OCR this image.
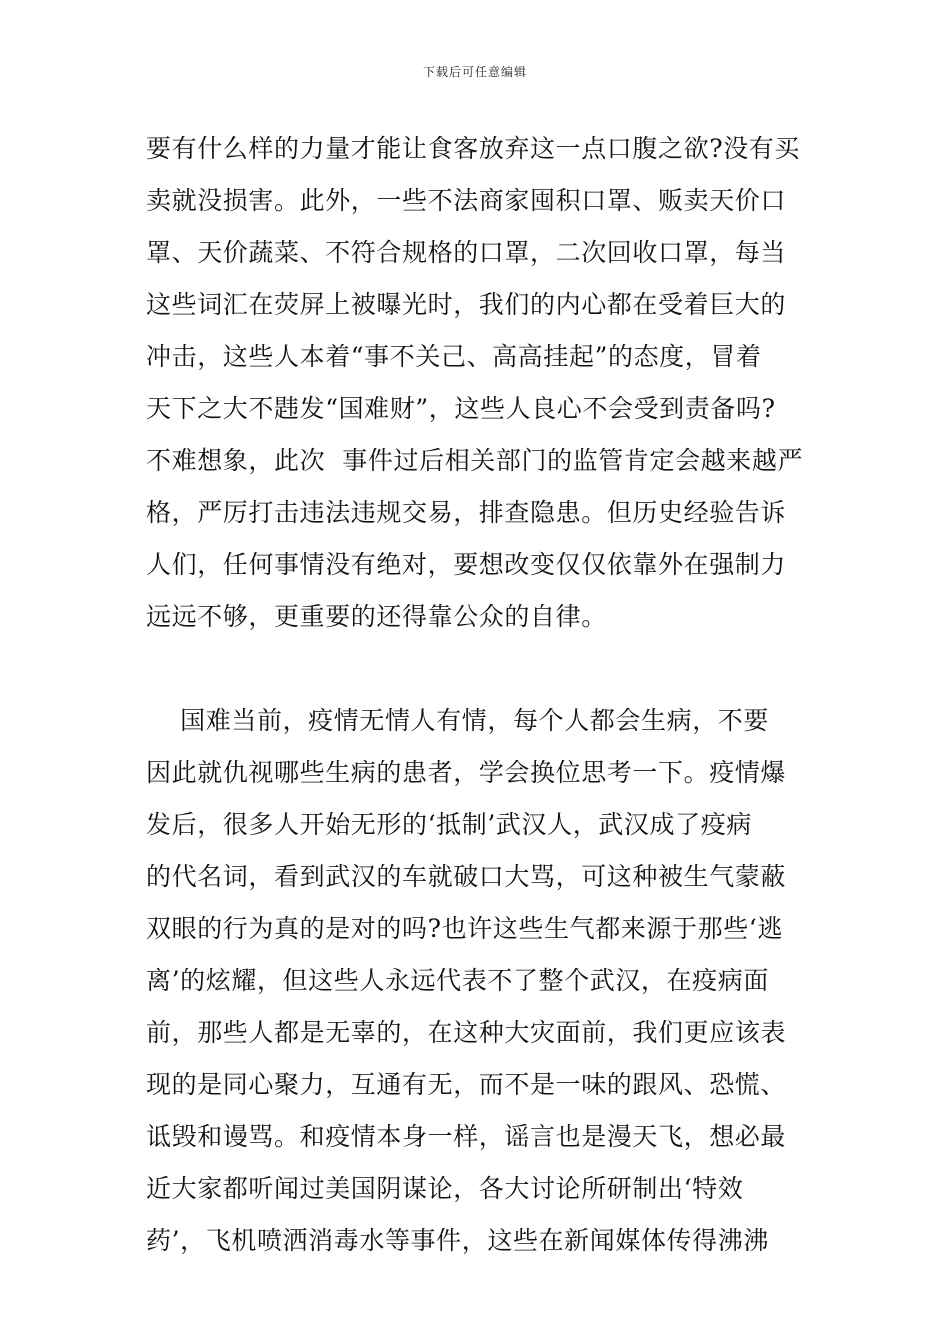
下载后可任意编辑
要有什么样的力量才能让食客放弃这一点口腹之欲?没有买
卖就没损害。此外，一些不法商家囤积口罩、贩卖天价口
罩、天价蔬菜、不符合规格的口罩，二次回收口罩，每当
这些词汇在荧屏上被曝光时，我们的内心都在受着巨大的
冲击，这些人本着“事不关己、高高挂起”的态度，冒着
天下之大不韪发“国难财”，这些人良心不会受到责备吗?
不难想象，此次  事件过后相关部门的监管肯定会越来越严
格，严厉打击违法违规交易，排查隐患。但历史经验告诉
人们，任何事情没有绝对，要想改变仅仅依靠外在强制力
远远不够，更重要的还得靠公众的自律。
国难当前，疫情无情人有情，每个人都会生病，不要
因此就仇视哪些生病的患者，学会换位思考一下。疫情爆
发后，很多人开始无形的‘抵制’武汉人，武汉成了疫病
的代名词，看到武汉的车就破口大骂，可这种被生气蒙蔽
双眼的行为真的是对的吗?也许这些生气都来源于那些‘逃
离’的炫耀，但这些人永远代表不了整个武汉，在疫病面
前，那些人都是无辜的，在这种大灾面前，我们更应该表
现的是同心聚力，互通有无，而不是一味的跟风、恐慌、
诋毁和谩骂。和疫情本身一样，谣言也是漫天飞，想必最
近大家都听闻过美国阴谋论，各大讨论所研制出‘特效
药’，飞机喷洒消毒水等事件，这些在新闻媒体传得沸沸
